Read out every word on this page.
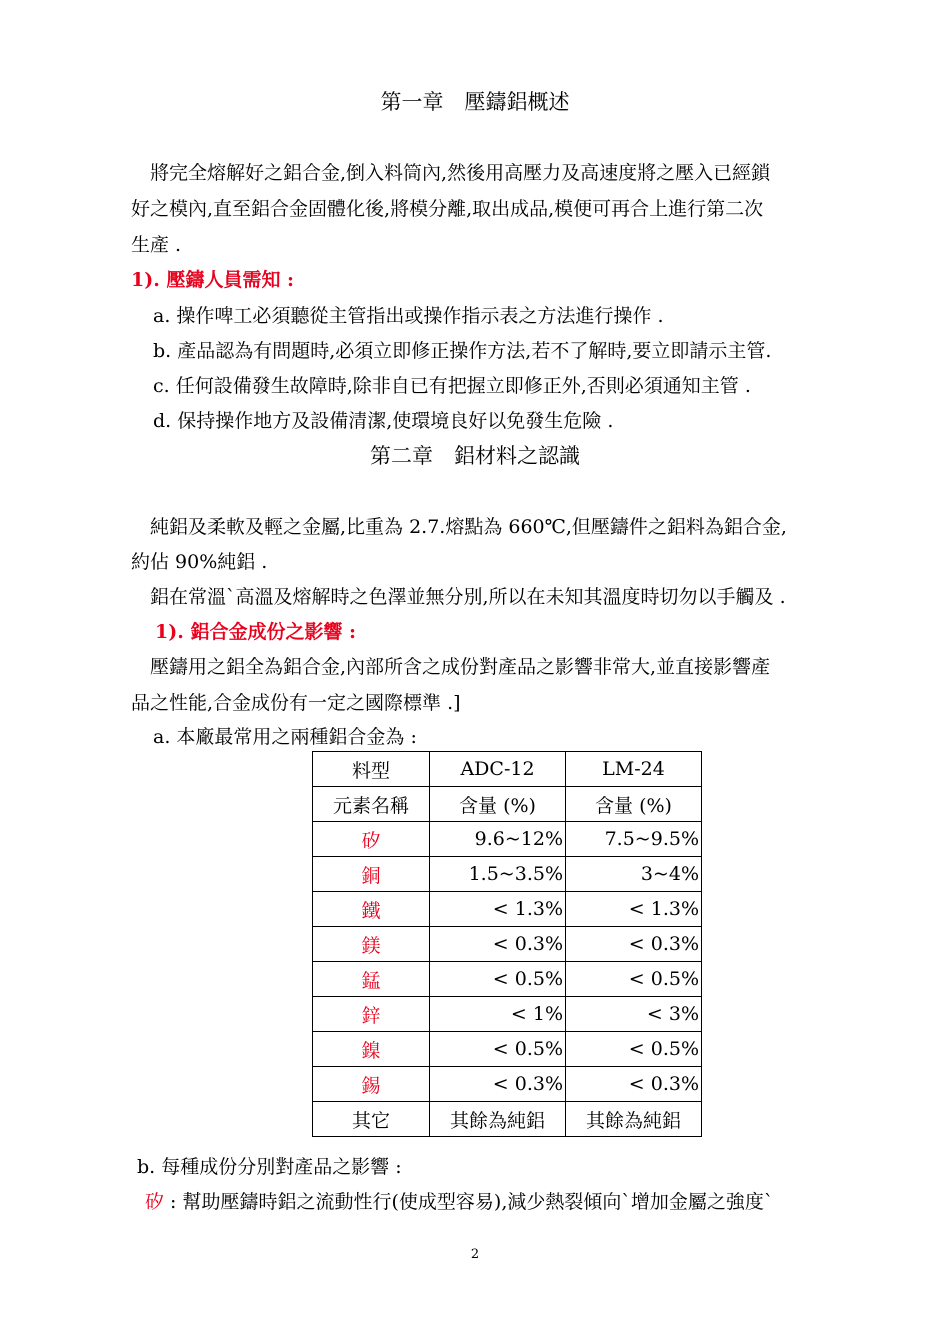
第一章　壓鑄鋁概述
將完全熔解好之鋁合金,倒入料筒內,然後用高壓力及高速度將之壓入已經鎖
好之模內,直至鋁合金固體化後,將模分離,取出成品,模便可再合上進行第二次
生產 .
1). 壓鑄人員需知 :
a. 操作啤工必須聽從主管指出或操作指示表之方法進行操作 .
b. 產品認為有問題時,必須立即修正操作方法,若不了解時,要立即請示主管.
c. 任何設備發生故障時,除非自已有把握立即修正外,否則必須通知主管 .
d. 保持操作地方及設備清潔,使環境良好以免發生危險 .
第二章　鋁材料之認識
純鋁及柔軟及輕之金屬,比重為 2.7.熔點為 660℃,但壓鑄件之鋁料為鋁合金,
約佔 90%純鋁 .
鋁在常溫`高溫及熔解時之色澤並無分別,所以在未知其溫度時切勿以手觸及 .
1). 鋁合金成份之影響 :
壓鑄用之鋁全為鋁合金,內部所含之成份對產品之影響非常大,並直接影響產
品之性能,合金成份有一定之國際標準 .]
a. 本廠最常用之兩種鋁合金為 :
料型	ADC-12	LM-24
元素名稱	含量 (%)	含量 (%)
矽	9.6~12%	7.5~9.5%
銅	1.5~3.5%	3~4%
鐵	< 1.3%	< 1.3%
鎂	< 0.3%	< 0.3%
錳	< 0.5%	< 0.5%
鋅	< 1%	< 3%
鎳	< 0.5%	< 0.5%
錫	< 0.3%	< 0.3%
其它	其餘為純鋁	其餘為純鋁
b. 每種成份分別對產品之影響 :
矽 : 幫助壓鑄時鋁之流動性行(使成型容易),減少熱裂傾向`增加金屬之強度`
2
